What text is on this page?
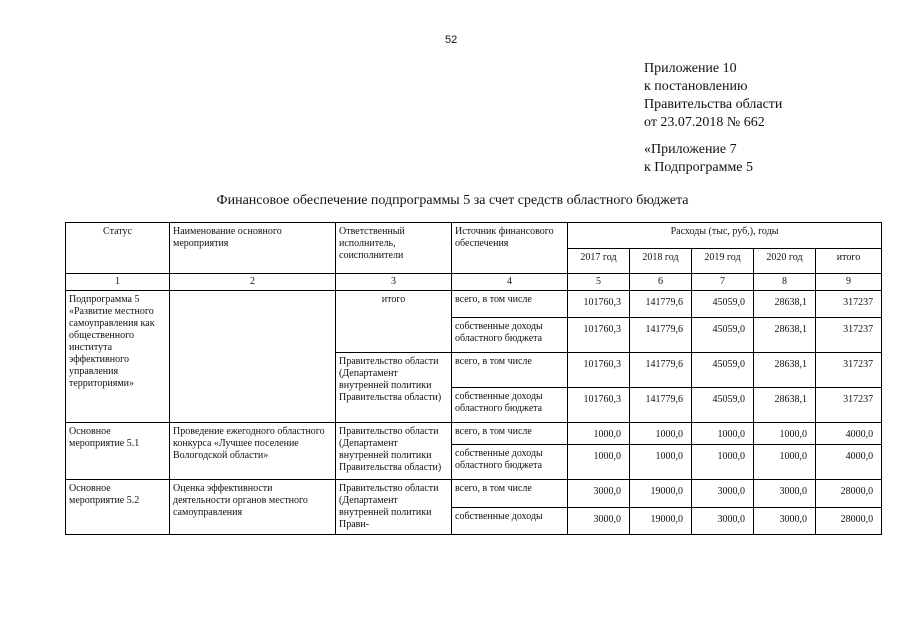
52
Приложение 10
к постановлению
Правительства области
от 23.07.2018 № 662
«Приложение 7
к Подпрограмме 5
Финансовое обеспечение подпрограммы 5 за счет средств областного бюджета
Статус	Наименование основного мероприятия	Ответственный исполнитель, соисполнители	Источник финансового обеспечения	Расходы (тыс, руб,), годы				
				2017 год	2018 год	2019 год	2020 год	итого
1	2	3	4	5	6	7	8	9
Подпрограмма 5 «Развитие местного самоуправления как общественного института эффективного управления территориями»		итого	всего, в том числе	101760,3	141779,6	45059,0	28638,1	317237
			собственные доходы областного бюджета	101760,3	141779,6	45059,0	28638,1	317237
		Правительство области (Департамент внутренней политики Правительства области)	всего, в том числе	101760,3	141779,6	45059,0	28638,1	317237
			собственные доходы областного бюджета	101760,3	141779,6	45059,0	28638,1	317237
Основное мероприятие 5.1	Проведение ежегодного областного конкурса «Лучшее поселение Вологодской области»	Правительство области (Департамент внутренней политики Правительства области)	всего, в том числе	1000,0	1000,0	1000,0	1000,0	4000,0
			собственные доходы областного бюджета	1000,0	1000,0	1000,0	1000,0	4000,0
Основное мероприятие 5.2	Оценка эффективности деятельности органов местного самоуправления	Правительство области (Департамент внутренней политики Прави-	всего, в том числе	3000,0	19000,0	3000,0	3000,0	28000,0
			собственные доходы	3000,0	19000,0	3000,0	3000,0	28000,0
